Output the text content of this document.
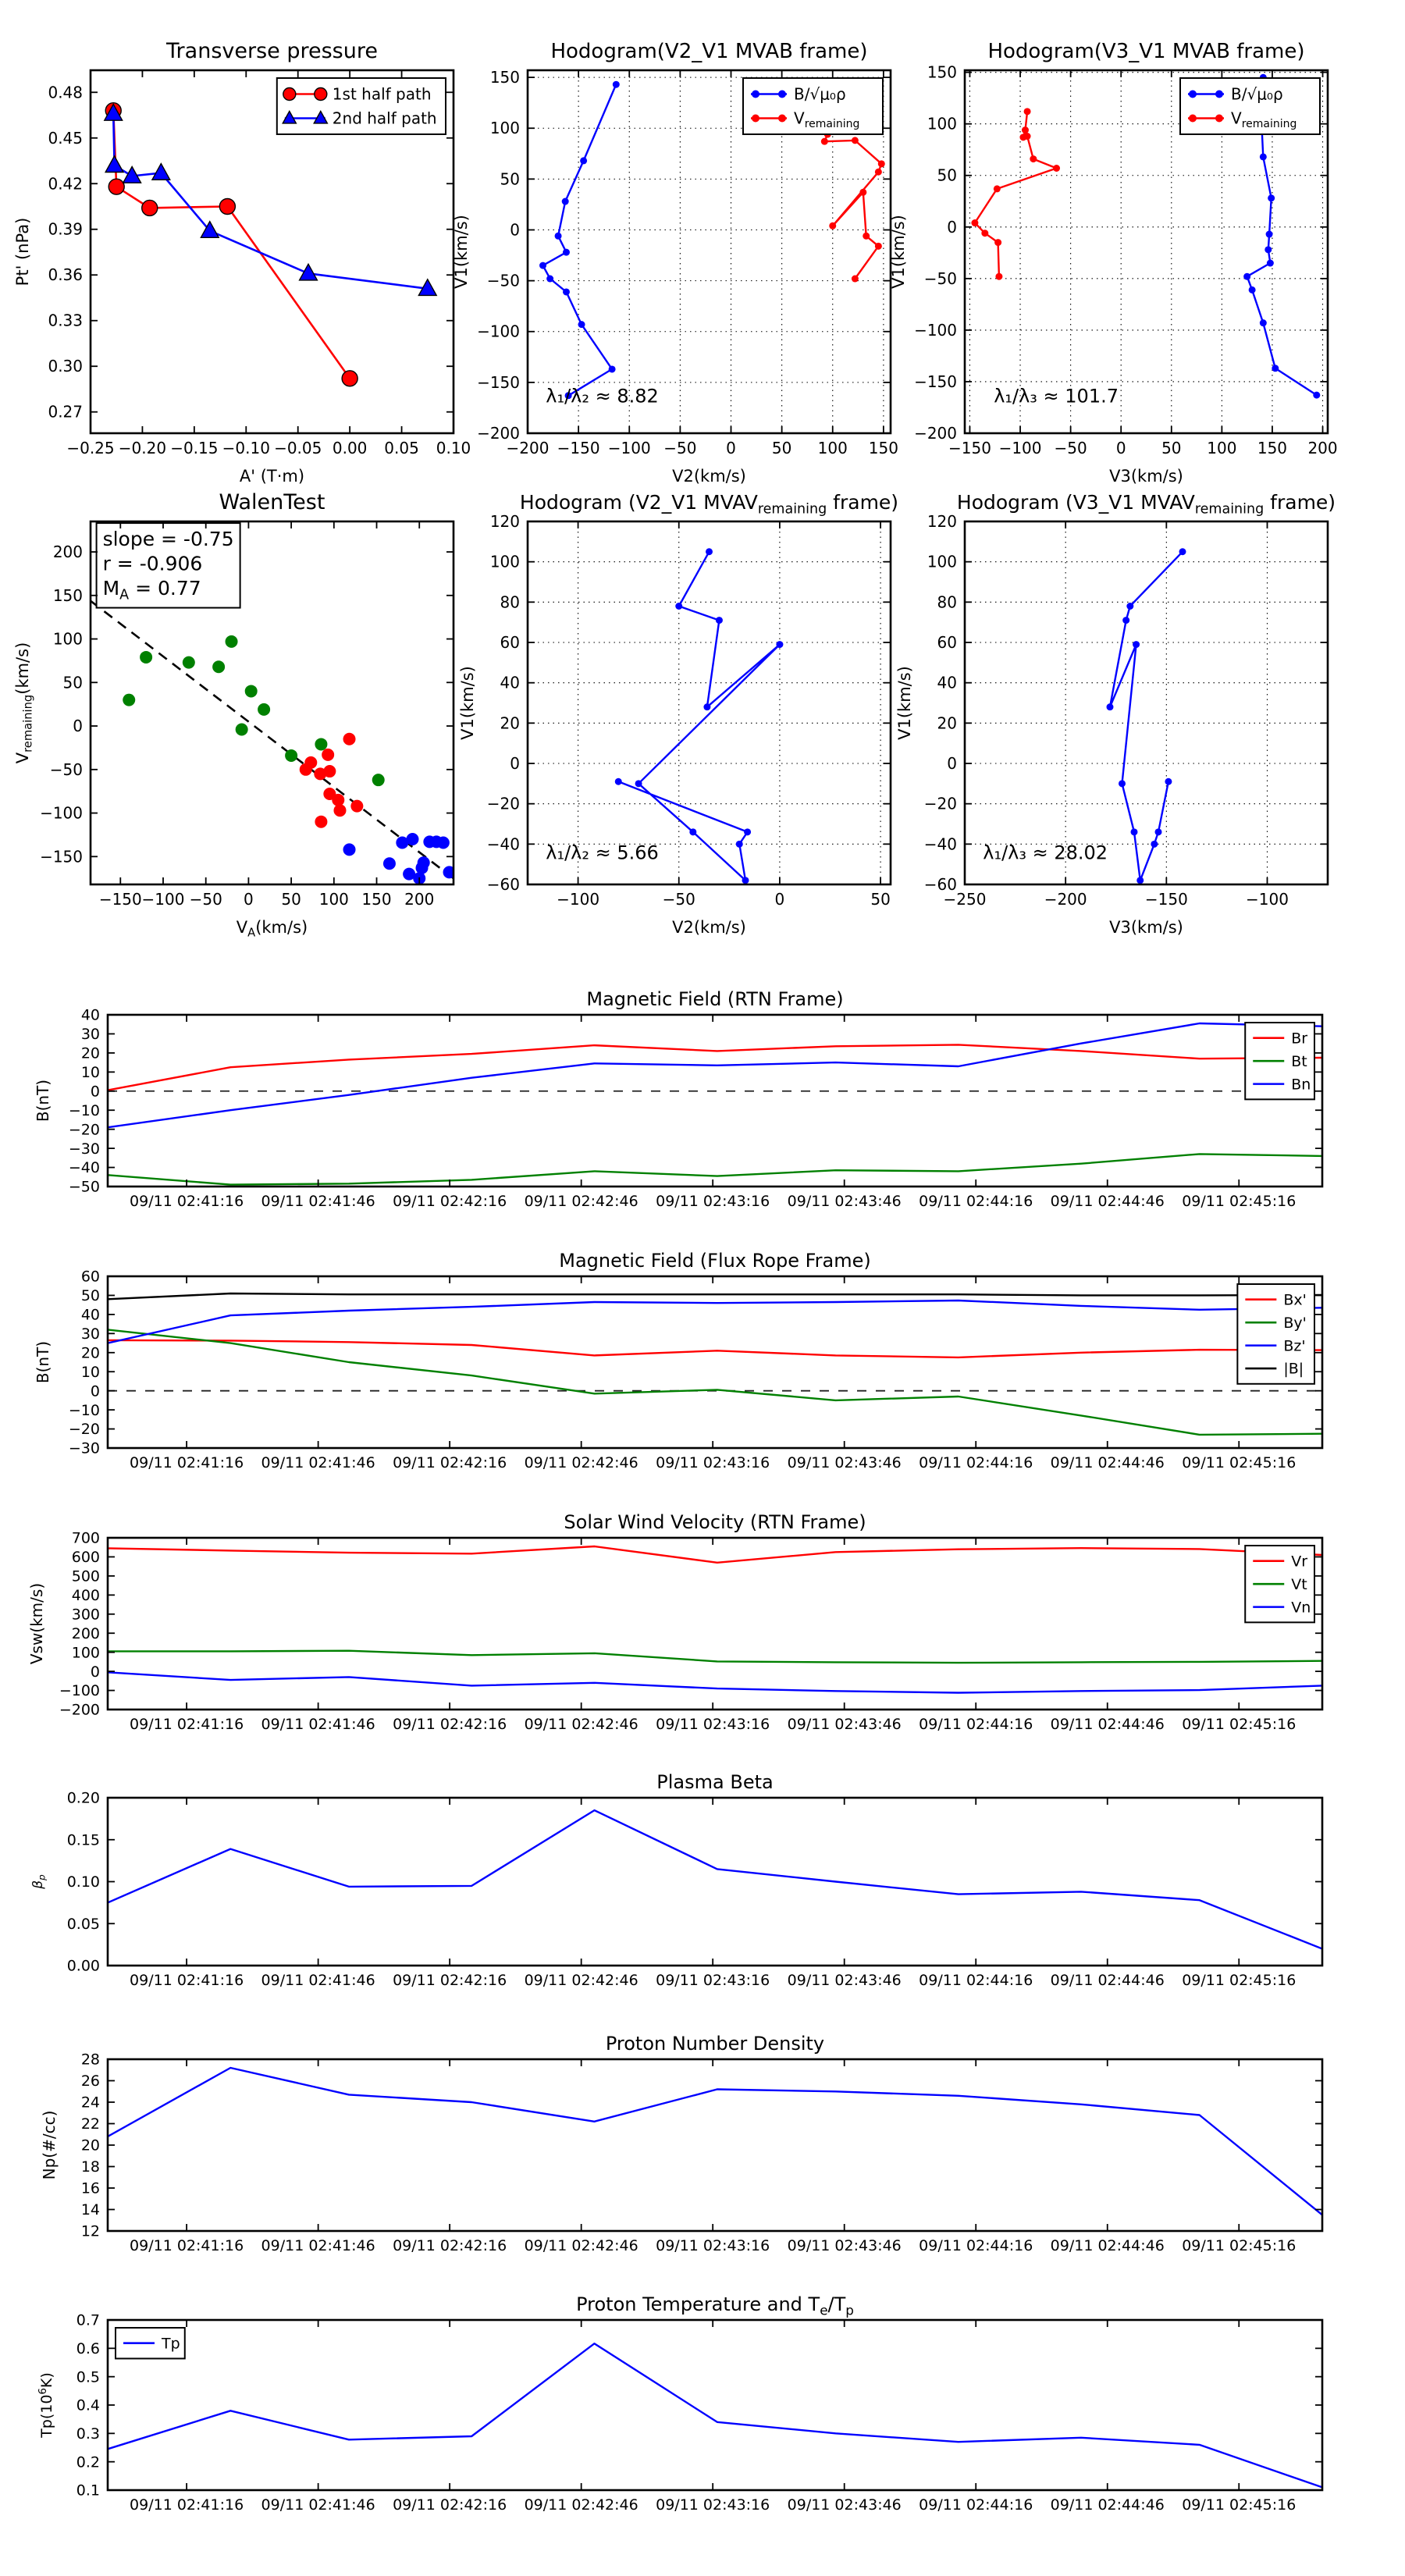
−0.25 −0.20 −0.15 −0.10 −0.05 0.00 0.05 0.10
0.27
0.30
0.33
0.36
0.39
0.42
0.45
0.48
Transverse pressure
A' (T·m)
Pt' (nPa)
1st half path
2nd half path
λ₁/λ₂ ≈ 8.82
−200 −150 −100 −50 0 50 100 150
−200
−150
−100
−50
0
50
100
150
Hodogram(V2_V1 MVAB frame)
V2(km/s)
V1(km/s)
B/√μ₀ρ
$V_{remaining}$
λ₁/λ₃ ≈ 101.7
−150 −100 −50 0 50 100 150 200
−200
−150
−100
−50
0
50
100
150
Hodogram(V3_V1 MVAB frame)
V3(km/s)
V1(km/s)
B/√μ₀ρ
$V_{remaining}$
slope = -0.75
r = -0.906
$M_A = 0.77$
−150 −100 −50 0 50 100 150 200
−150
−100
−50
0
50
100
150
200
WalenTest
$V_A(km/s)$
$V_{remaining}(km/s)$
λ₁/λ₂ ≈ 5.66
−100	−50	0	50
−60
−40
−20
0
20
40
60
80
100
120
Hodogram (V2_V1 $MVAV_{remaining}$ frame)
V2(km/s)
V1(km/s)
λ₁/λ₃ ≈ 28.02
−250	−200	−150	−100
−60
−40
−20
0
20
40
60
80
100
120
Hodogram (V3_V1 $MVAV_{remaining}$ frame)
V3(km/s)
V1(km/s)
09/11 02:41:16 09/11 02:41:46 09/11 02:42:16 09/11 02:42:46 09/11 02:43:16 09/11 02:43:46 09/11 02:44:16 09/11 02:44:46 09/11 02:45:16
−50
−40
−30
−20
−10
0
10
20
30
40
Magnetic Field (RTN Frame)
B(nT)
Br
Bt
Bn
09/11 02:41:16 09/11 02:41:46 09/11 02:42:16 09/11 02:42:46 09/11 02:43:16 09/11 02:43:46 09/11 02:44:16 09/11 02:44:46 09/11 02:45:16
−30
−20
−10
0
10
20
30
40
50
60
Magnetic Field (Flux Rope Frame)
B(nT)
Bx'
By'
Bz'
|B|
09/11 02:41:16 09/11 02:41:46 09/11 02:42:16 09/11 02:42:46 09/11 02:43:16 09/11 02:43:46 09/11 02:44:16 09/11 02:44:46 09/11 02:45:16
−200
−100
0
100
200
300
400
500
600
700
Solar Wind Velocity (RTN Frame)
Vsw(km/s)
Vr
Vt
Vn
09/11 02:41:16 09/11 02:41:46 09/11 02:42:16 09/11 02:42:46 09/11 02:43:16 09/11 02:43:46 09/11 02:44:16 09/11 02:44:46 09/11 02:45:16
0.00
0.05
0.10
0.15
0.20
Plasma Beta
$\beta_p$
09/11 02:41:16 09/11 02:41:46 09/11 02:42:16 09/11 02:42:46 09/11 02:43:16 09/11 02:43:46 09/11 02:44:16 09/11 02:44:46 09/11 02:45:16
12
14
16
18
20
22
24
26
28
Proton Number Density
Np(#/cc)
09/11 02:41:16 09/11 02:41:46 09/11 02:42:16 09/11 02:42:46 09/11 02:43:16 09/11 02:43:46 09/11 02:44:16 09/11 02:44:46 09/11 02:45:16
0.1
0.2
0.3
0.4
0.5
0.6
0.7
Proton Temperature and $T_e/T_p$
$Tp(10^6K)$
Tp
